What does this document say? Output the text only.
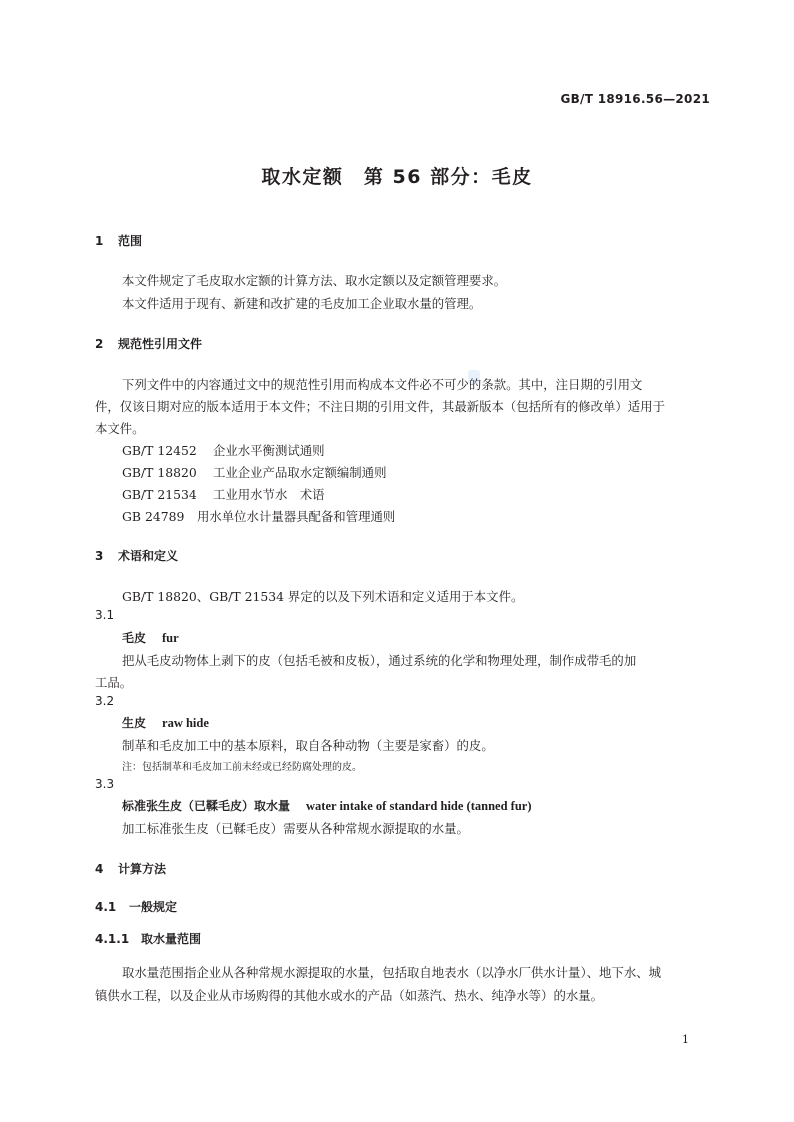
GB/T 18916.56—2021
取水定额　第 56 部分：毛皮
1 范围
本文件规定了毛皮取水定额的计算方法、取水定额以及定额管理要求。
本文件适用于现有、新建和改扩建的毛皮加工企业取水量的管理。
2 规范性引用文件
下列文件中的内容通过文中的规范性引用而构成本文件必不可少的条款。其中，注日期的引用文
件，仅该日期对应的版本适用于本文件；不注日期的引用文件，其最新版本（包括所有的修改单）适用于
本文件。
GB/T 12452 企业水平衡测试通则
GB/T 18820 工业企业产品取水定额编制通则
GB/T 21534 工业用水节水　术语
GB 24789 用水单位水计量器具配备和管理通则
3 术语和定义
GB/T 18820、GB/T 21534 界定的以及下列术语和定义适用于本文件。
3.1
毛皮 fur
把从毛皮动物体上剥下的皮（包括毛被和皮板），通过系统的化学和物理处理，制作成带毛的加
工品。
3.2
生皮 raw hide
制革和毛皮加工中的基本原料，取自各种动物（主要是家畜）的皮。
注：包括制革和毛皮加工前未经或已经防腐处理的皮。
3.3
标准张生皮（已鞣毛皮）取水量 water intake of standard hide (tanned fur)
加工标准张生皮（已鞣毛皮）需要从各种常规水源提取的水量。
4 计算方法
4.1 一般规定
4.1.1 取水量范围
取水量范围指企业从各种常规水源提取的水量，包括取自地表水（以净水厂供水计量）、地下水、城
镇供水工程，以及企业从市场购得的其他水或水的产品（如蒸汽、热水、纯净水等）的水量。
1
